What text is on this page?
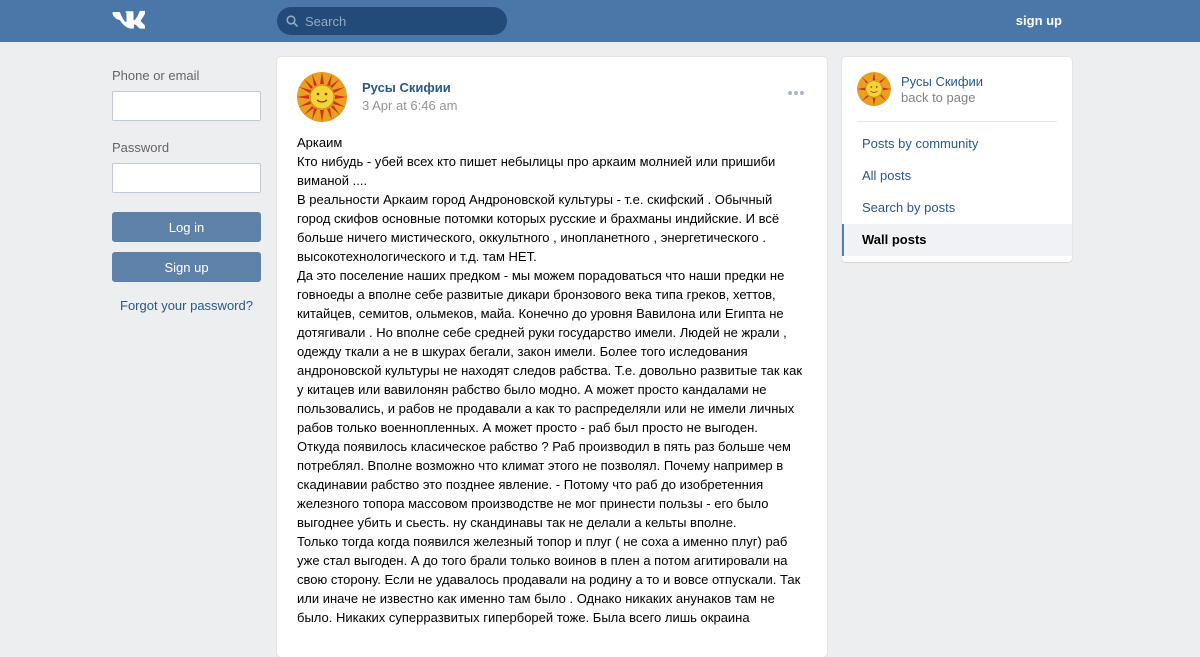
Search
sign up
Phone or email
Password
Log in
Sign up
Forgot your password?
Русы Скифии
3 Apr at 6:46 am
Аркаим
Кто нибудь - убей всех кто пишет небылицы про аркаим молнией или пришиби виманой ....
В реальности Аркаим город Андроновской культуры - т.е. скифский . Обычный город скифов основные потомки которых русские и брахманы индийские. И всё больше ничего мистического, оккультного , инопланетного , энергетического . высокотехнологического и т.д. там НЕТ.
Да это поселение наших предком - мы можем порадоваться что наши предки не говноеды а вполне себе развитые дикари бронзового века типа греков, хеттов, китайцев, семитов, ольмеков, майа. Конечно до уровня Вавилона или Египта не дотягивали . Но вполне себе средней руки государство имели. Людей не жрали , одежду ткали а не в шкурах бегали, закон имели. Более того иследования андроновской культуры не находят следов рабства. Т.е. довольно развитые так как у китацев или вавилонян рабство было модно. А может просто кандалами не пользовались, и рабов не продавали а как то распределяли или не имели личных рабов только военнопленных. А может просто - раб был просто не выгоден.
Откуда появилось класическое рабство ? Раб производил в пять раз больше чем потреблял. Вполне возможно что климат этого не позволял. Почему например в скадинавии рабство это позднее явление. - Потому что раб до изобретенния железного топора массовом производстве не мог принести пользы - его было выгоднее убить и сьесть. ну скандинавы так не делали а кельты вполне.
Только тогда когда появился железный топор и плуг ( не соха а именно плуг) раб уже стал выгоден. А до того брали только воинов в плен а потом агитировали на свою сторону. Если не удавалось продавали на родину а то и вовсе отпускали. Так или иначе не известно как именно там было . Однако никаких анунаков там не было. Никаких суперразвитых гиперборей тоже. Была всего лишь окраина
Русы Скифии
back to page
Posts by community
All posts
Search by posts
Wall posts
